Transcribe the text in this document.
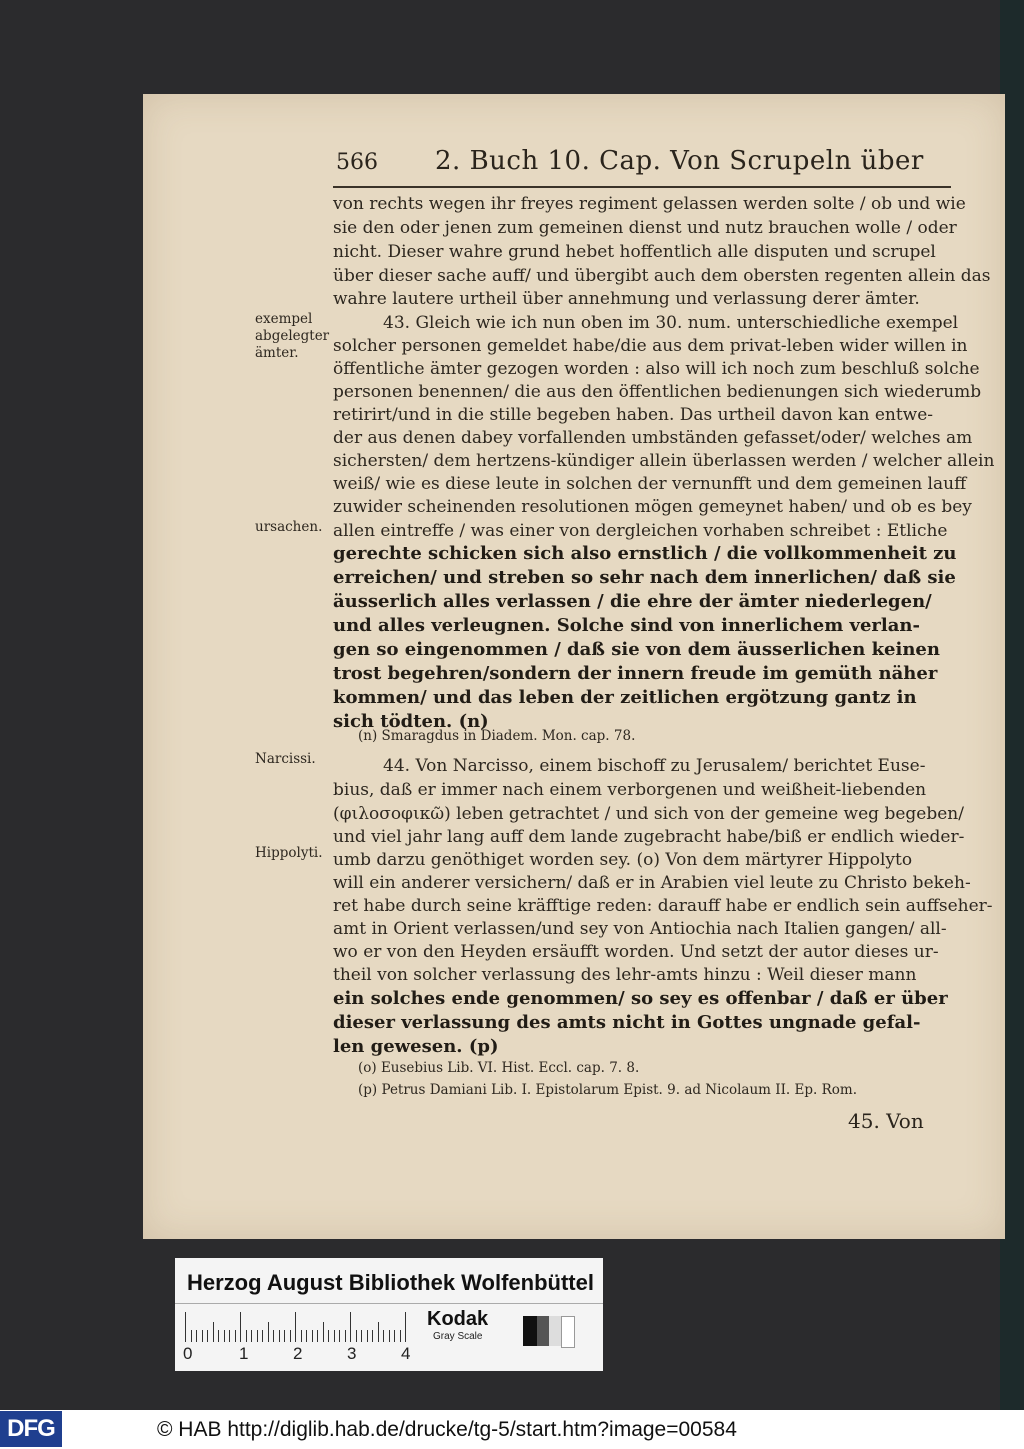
566 2. Buch 10. Cap. Von Scrupeln über
exempel
abgelegter
ämter.
ursachen.
Narcissi.
Hippolyti.
von rechts wegen ihr freyes regiment gelassen werden solte / ob und wie
sie den oder jenen zum gemeinen dienst und nutz brauchen wolle / oder
nicht. Dieser wahre grund hebet hoffentlich alle disputen und scrupel
über dieser sache auff/ und übergibt auch dem obersten regenten allein das
wahre lautere urtheil über annehmung und verlassung derer ämter.
43. Gleich wie ich nun oben im 30. num. unterschiedliche exempel
solcher personen gemeldet habe/die aus dem privat-leben wider willen in
öffentliche ämter gezogen worden : also will ich noch zum beschluß solche
personen benennen/ die aus den öffentlichen bedienungen sich wiederumb
retirirt/und in die stille begeben haben. Das urtheil davon kan entwe-
der aus denen dabey vorfallenden umbständen gefasset/oder/ welches am
sichersten/ dem hertzens-kündiger allein überlassen werden / welcher allein
weiß/ wie es diese leute in solchen der vernunfft und dem gemeinen lauff
zuwider scheinenden resolutionen mögen gemeynet haben/ und ob es bey
allen eintreffe / was einer von dergleichen vorhaben schreibet : Etliche
gerechte schicken sich also ernstlich / die vollkommenheit zu
erreichen/ und streben so sehr nach dem innerlichen/ daß sie
äusserlich alles verlassen / die ehre der ämter niederlegen/
und alles verleugnen. Solche sind von innerlichem verlan-
gen so eingenommen / daß sie von dem äusserlichen keinen
trost begehren/sondern der innern freude im gemüth näher
kommen/ und das leben der zeitlichen ergötzung gantz in
sich tödten. (n)
(n) Smaragdus in Diadem. Mon. cap. 78.
44. Von Narcisso, einem bischoff zu Jerusalem/ berichtet Euse-
bius, daß er immer nach einem verborgenen und weißheit-liebenden
(φιλοσοφικῶ) leben getrachtet / und sich von der gemeine weg begeben/
und viel jahr lang auff dem lande zugebracht habe/biß er endlich wieder-
umb darzu genöthiget worden sey. (o) Von dem märtyrer Hippolyto
will ein anderer versichern/ daß er in Arabien viel leute zu Christo bekeh-
ret habe durch seine kräfftige reden: darauff habe er endlich sein auffseher-
amt in Orient verlassen/und sey von Antiochia nach Italien gangen/ all-
wo er von den Heyden ersäufft worden. Und setzt der autor dieses ur-
theil von solcher verlassung des lehr-amts hinzu : Weil dieser mann
ein solches ende genommen/ so sey es offenbar / daß er über
dieser verlassung des amts nicht in Gottes ungnade gefal-
len gewesen. (p)
(o) Eusebius Lib. VI. Hist. Eccl. cap. 7. 8.
(p) Petrus Damiani Lib. I. Epistolarum Epist. 9. ad Nicolaum II. Ep. Rom.
45. Von
Herzog August Bibliothek Wolfenbüttel
0	1	2	3	4
Kodak
Gray Scale
DFG	© HAB http://diglib.hab.de/drucke/tg-5/start.htm?image=00584
